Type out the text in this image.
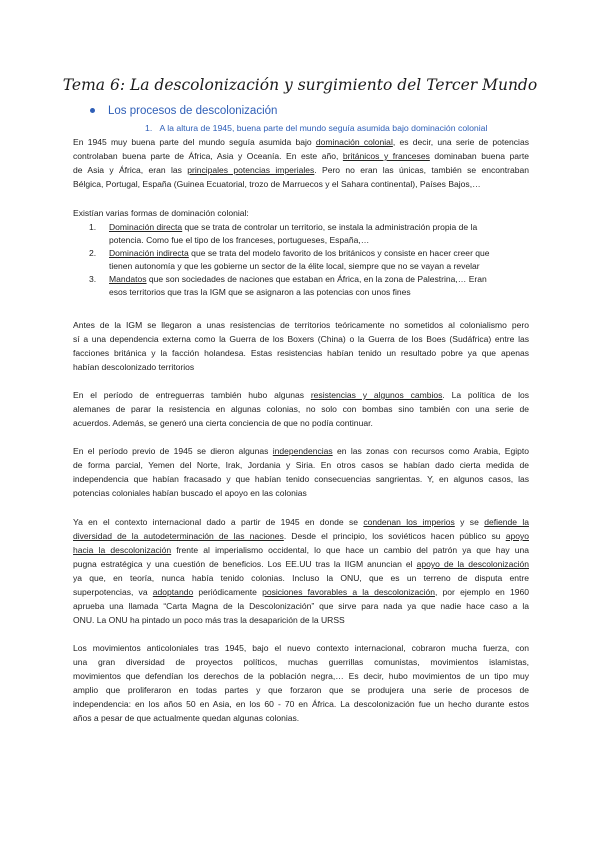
Tema 6: La descolonización y surgimiento del Tercer Mundo
Los procesos de descolonización
1. A la altura de 1945, buena parte del mundo seguía asumida bajo dominación colonial
En 1945 muy buena parte del mundo seguía asumida bajo dominación colonial, es decir, una serie de potencias
controlaban buena parte de África, Asia y Oceanía. En este año, británicos y franceses dominaban buena parte
de Asia y África, eran las principales potencias imperiales. Pero no eran las únicas, también se encontraban
Bélgica, Portugal, España (Guinea Ecuatorial, trozo de Marruecos y el Sahara continental), Países Bajos,…
Existían varias formas de dominación colonial:
1. Dominación directa que se trata de controlar un territorio, se instala la administración propia de la
potencia. Como fue el tipo de los franceses, portugueses, España,…
2. Dominación indirecta que se trata del modelo favorito de los británicos y consiste en hacer creer que
tienen autonomía y que les gobierne un sector de la élite local, siempre que no se vayan a revelar
3. Mandatos que son sociedades de naciones que estaban en África, en la zona de Palestrina,… Eran
esos territorios que tras la IGM que se asignaron a las potencias con unos fines
Antes de la IGM se llegaron a unas resistencias de territorios teóricamente no sometidos al colonialismo pero
sí a una dependencia externa como la Guerra de los Boxers (China) o la Guerra de los Boes (Sudáfrica) entre las
facciones británica y la facción holandesa. Estas resistencias habían tenido un resultado pobre ya que apenas
habían descolonizado territorios
En el período de entreguerras también hubo algunas resistencias y algunos cambios. La política de los
alemanes de parar la resistencia en algunas colonias, no solo con bombas sino también con una serie de
acuerdos. Además, se generó una cierta conciencia de que no podía continuar.
En el período previo de 1945 se dieron algunas independencias en las zonas con recursos como Arabia, Egipto
de forma parcial, Yemen del Norte, Irak, Jordania y Siria. En otros casos se habían dado cierta medida de
independencia que habían fracasado y que habían tenido consecuencias sangrientas. Y, en algunos casos, las
potencias coloniales habían buscado el apoyo en las colonias
Ya en el contexto internacional dado a partir de 1945 en donde se condenan los imperios y se defiende la
diversidad de la autodeterminación de las naciones. Desde el principio, los soviéticos hacen público su apoyo
hacia la descolonización frente al imperialismo occidental, lo que hace un cambio del patrón ya que hay una
pugna estratégica y una cuestión de beneficios. Los EE.UU tras la IIGM anuncian el apoyo de la descolonización
ya que, en teoría, nunca había tenido colonias. Incluso la ONU, que es un terreno de disputa entre
superpotencias, va adoptando periódicamente posiciones favorables a la descolonización, por ejemplo en 1960
aprueba una llamada “Carta Magna de la Descolonización” que sirve para nada ya que nadie hace caso a la
ONU. La ONU ha pintado un poco más tras la desaparición de la URSS
Los movimientos anticoloniales tras 1945, bajo el nuevo contexto internacional, cobraron mucha fuerza, con
una gran diversidad de proyectos políticos, muchas guerrillas comunistas, movimientos islamistas,
movimientos que defendían los derechos de la población negra,… Es decir, hubo movimientos de un tipo muy
amplio que proliferaron en todas partes y que forzaron que se produjera una serie de procesos de
independencia: en los años 50 en Asia, en los 60 - 70 en África. La descolonización fue un hecho durante estos
años a pesar de que actualmente quedan algunas colonias.
